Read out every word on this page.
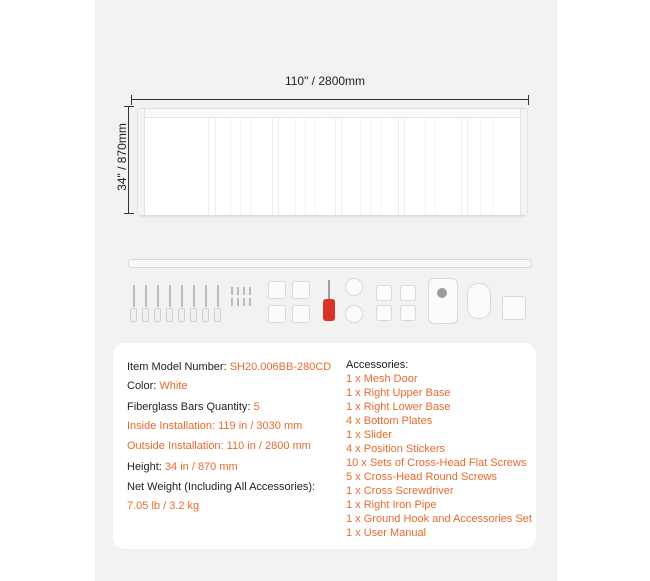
110" / 2800mm
34" / 870mm
Item Model Number: SH20.006BB-280CD
Color: White
Fiberglass Bars Quantity: 5
Inside Installation: 119 in / 3030 mm
Outside Installation: 110 in / 2800 mm
Height: 34 in / 870 mm
Net Weight (Including All Accessories):
7.05 lb / 3.2 kg
Accessories:
1 x Mesh Door
1 x Right Upper Base
1 x Right Lower Base
4 x Bottom Plates
1 x Slider
4 x Position Stickers
10 x Sets of Cross-Head Flat Screws
5 x Cross-Head Round Screws
1 x Cross Screwdriver
1 x Right Iron Pipe
1 x Ground Hook and Accessories Set
1 x User Manual
